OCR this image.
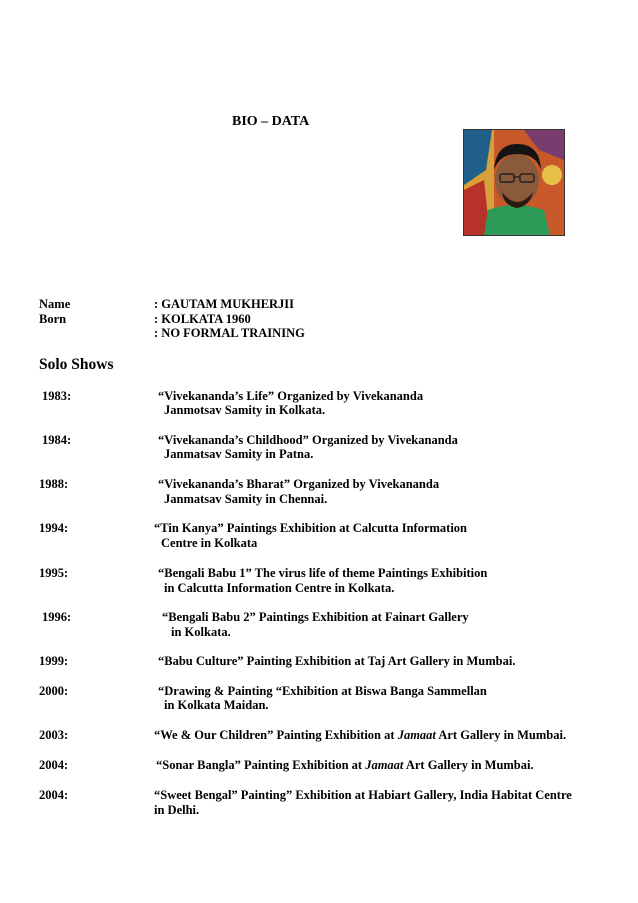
BIO – DATA
Name	: GAUTAM MUKHERJII
Born	: KOLKATA 1960
: NO FORMAL TRAINING
Solo Shows
1983:	“Vivekananda’s Life” Organized by Vivekananda
Janmotsav Samity in Kolkata.
1984:	“Vivekananda’s Childhood” Organized by Vivekananda
Janmatsav Samity in Patna.
1988:	“Vivekananda’s Bharat” Organized by Vivekananda
Janmatsav Samity in Chennai.
1994:	“Tin Kanya” Paintings Exhibition at Calcutta Information
Centre in Kolkata
1995:	“Bengali Babu 1” The virus life of theme Paintings Exhibition
in Calcutta Information Centre in Kolkata.
1996:	“Bengali Babu 2” Paintings Exhibition at Fainart Gallery
in Kolkata.
1999:	“Babu Culture” Painting Exhibition at Taj Art Gallery in Mumbai.
2000:	“Drawing & Painting “Exhibition at Biswa Banga Sammellan
in Kolkata Maidan.
2003:	“We & Our Children” Painting Exhibition at Jamaat Art Gallery in Mumbai.
2004:	“Sonar Bangla” Painting Exhibition at Jamaat Art Gallery in Mumbai.
2004:	“Sweet Bengal” Painting” Exhibition at Habiart Gallery, India Habitat Centre
in Delhi.
